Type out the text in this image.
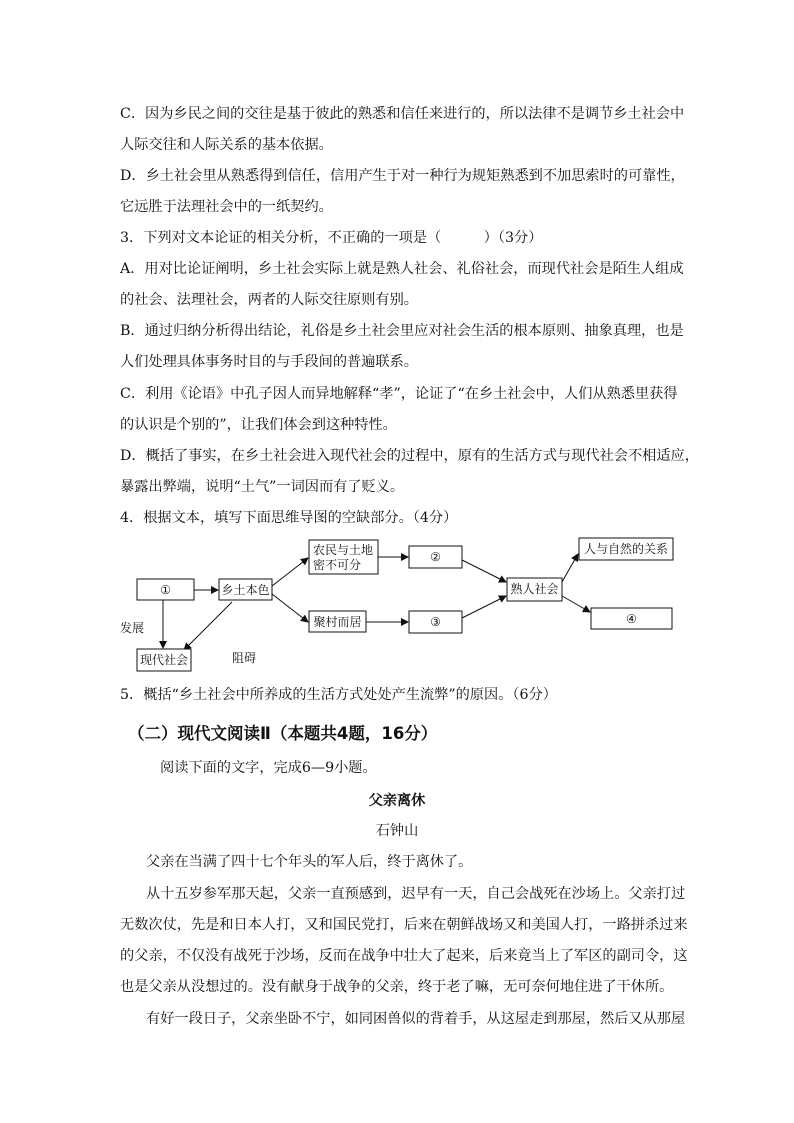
C．因为乡民之间的交往是基于彼此的熟悉和信任来进行的，所以法律不是调节乡土社会中
人际交往和人际关系的基本依据。
D．乡土社会里从熟悉得到信任，信用产生于对一种行为规矩熟悉到不加思索时的可靠性，
它远胜于法理社会中的一纸契约。
3．下列对文本论证的相关分析，不正确的一项是（　　　）（3分）
A．用对比论证阐明，乡土社会实际上就是熟人社会、礼俗社会，而现代社会是陌生人组成
的社会、法理社会，两者的人际交往原则有别。
B．通过归纳分析得出结论，礼俗是乡土社会里应对社会生活的根本原则、抽象真理，也是
人们处理具体事务时目的与手段间的普遍联系。
C．利用《论语》中孔子因人而异地解释“孝”，论证了“在乡土社会中，人们从熟悉里获得
的认识是个别的”，让我们体会到这种特性。
D．概括了事实，在乡土社会进入现代社会的过程中，原有的生活方式与现代社会不相适应，
暴露出弊端，说明“土气”一词因而有了贬义。
4．根据文本，填写下面思维导图的空缺部分。（4分）
①	乡土本色
农民与土地
密不可分
聚村而居
②
③
熟人社会
人与自然的关系
④
现代社会
发展
阻碍
5．概括“乡土社会中所养成的生活方式处处产生流弊”的原因。（6分）
（二）现代文阅读Ⅱ（本题共4题，16分）
阅读下面的文字，完成6—9小题。
父亲离休
石钟山
父亲在当满了四十七个年头的军人后，终于离休了。
从十五岁参军那天起，父亲一直预感到，迟早有一天，自己会战死在沙场上。父亲打过
无数次仗，先是和日本人打，又和国民党打，后来在朝鲜战场又和美国人打，一路拼杀过来
的父亲，不仅没有战死于沙场，反而在战争中壮大了起来，后来竟当上了军区的副司令，这
也是父亲从没想过的。没有献身于战争的父亲，终于老了嘛，无可奈何地住进了干休所。
有好一段日子，父亲坐卧不宁，如同困兽似的背着手，从这屋走到那屋，然后又从那屋
